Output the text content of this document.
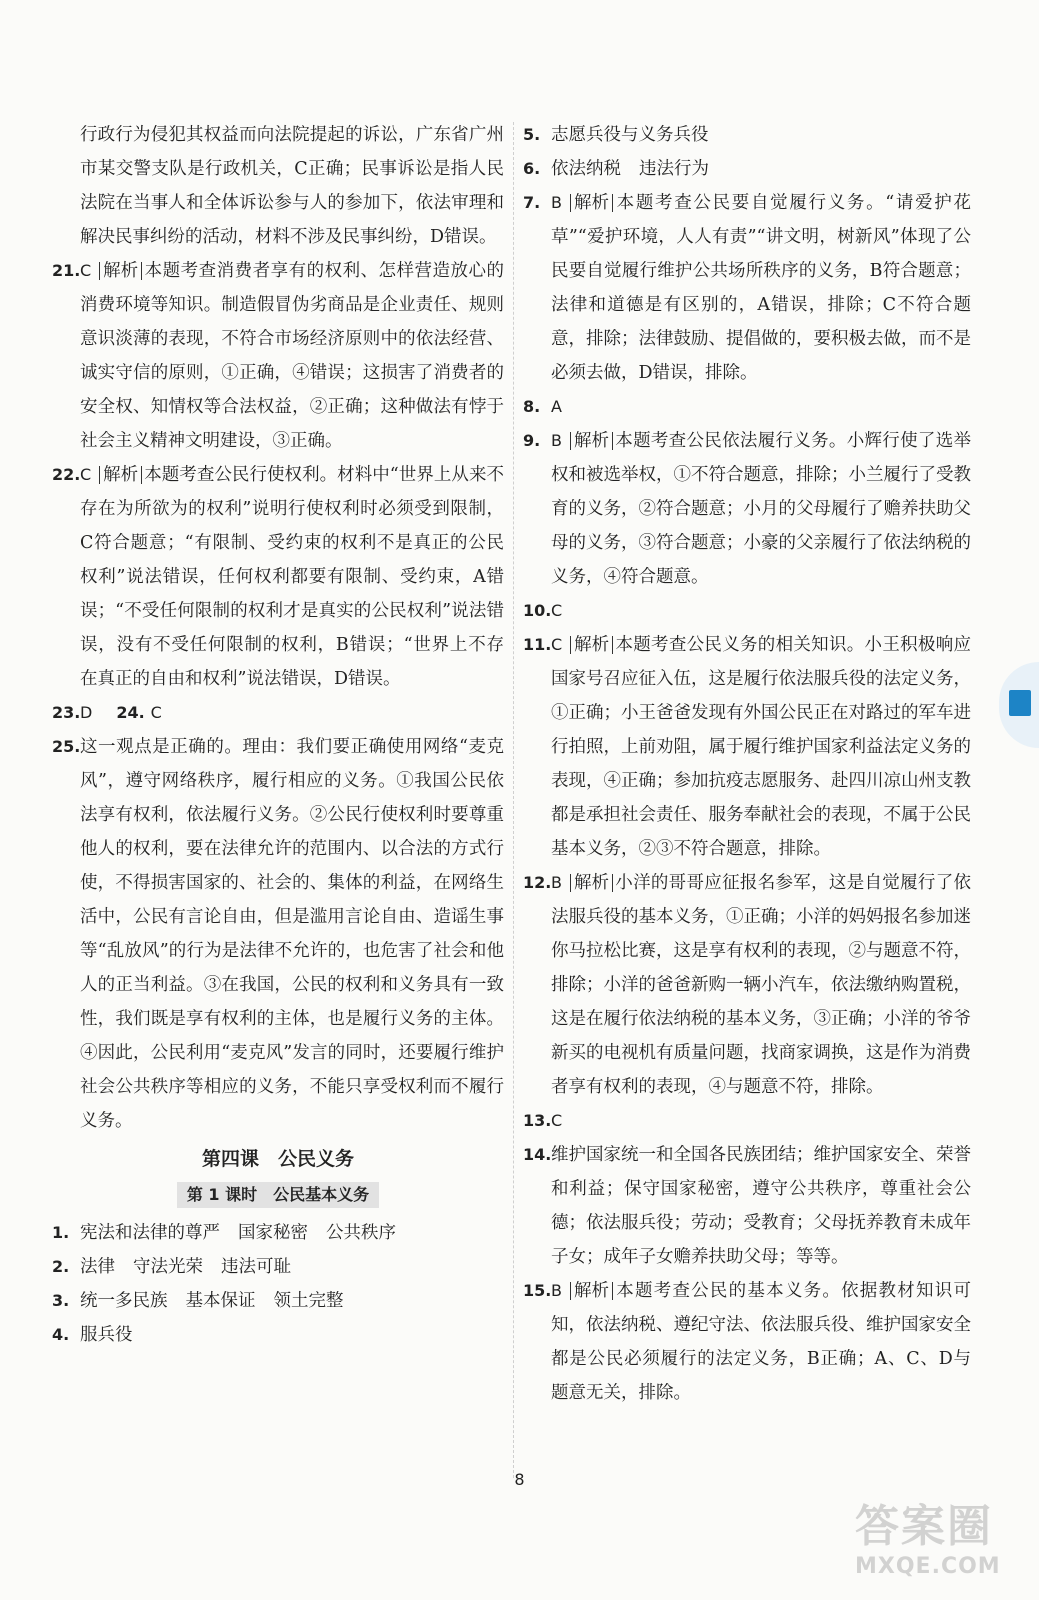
行政行为侵犯其权益而向法院提起的诉讼，广东省广州市某交警支队是行政机关，C正确；民事诉讼是指人民法院在当事人和全体诉讼参与人的参加下，依法审理和解决民事纠纷的活动，材料不涉及民事纠纷，D错误。
21. C 解析 本题考查消费者享有的权利、怎样营造放心的消费环境等知识。制造假冒伪劣商品是企业责任、规则意识淡薄的表现，不符合市场经济原则中的依法经营、诚实守信的原则，①正确，④错误；这损害了消费者的安全权、知情权等合法权益，②正确；这种做法有悖于社会主义精神文明建设，③正确。
22. C 解析 本题考查公民行使权利。材料中“世界上从来不存在为所欲为的权利”说明行使权利时必须受到限制，C符合题意；“有限制、受约束的权利不是真正的公民权利”说法错误，任何权利都要有限制、受约束，A错误；“不受任何限制的权利才是真实的公民权利”说法错误，没有不受任何限制的权利，B错误；“世界上不存在真正的自由和权利”说法错误，D错误。
23. D 24. C
25. 这一观点是正确的。理由：我们要正确使用网络“麦克风”，遵守网络秩序，履行相应的义务。①我国公民依法享有权利，依法履行义务。②公民行使权利时要尊重他人的权利，要在法律允许的范围内、以合法的方式行使，不得损害国家的、社会的、集体的利益，在网络生活中，公民有言论自由，但是滥用言论自由、造谣生事等“乱放风”的行为是法律不允许的，也危害了社会和他人的正当利益。③在我国，公民的权利和义务具有一致性，我们既是享有权利的主体，也是履行义务的主体。④因此，公民利用“麦克风”发言的同时，还要履行维护社会公共秩序等相应的义务，不能只享受权利而不履行义务。
第四课　公民义务
第 1 课时　公民基本义务
1. 宪法和法律的尊严 国家秘密 公共秩序
2. 法律 守法光荣 违法可耻
3. 统一多民族 基本保证 领土完整
4. 服兵役
5. 志愿兵役与义务兵役
6. 依法纳税 违法行为
7. B 解析 本题考查公民要自觉履行义务。“请爱护花草”“爱护环境，人人有责”“讲文明，树新风”体现了公民要自觉履行维护公共场所秩序的义务，B符合题意；法律和道德是有区别的，A错误，排除；C不符合题意，排除；法律鼓励、提倡做的，要积极去做，而不是必须去做，D错误，排除。
8. A
9. B 解析 本题考查公民依法履行义务。小辉行使了选举权和被选举权，①不符合题意，排除；小兰履行了受教育的义务，②符合题意；小月的父母履行了赡养扶助父母的义务，③符合题意；小豪的父亲履行了依法纳税的义务，④符合题意。
10. C
11. C 解析 本题考查公民义务的相关知识。小王积极响应国家号召应征入伍，这是履行依法服兵役的法定义务，①正确；小王爸爸发现有外国公民正在对路过的军车进行拍照，上前劝阻，属于履行维护国家利益法定义务的表现，④正确；参加抗疫志愿服务、赴四川凉山州支教都是承担社会责任、服务奉献社会的表现，不属于公民基本义务，②③不符合题意，排除。
12. B 解析 小洋的哥哥应征报名参军，这是自觉履行了依法服兵役的基本义务，①正确；小洋的妈妈报名参加迷你马拉松比赛，这是享有权利的表现，②与题意不符，排除；小洋的爸爸新购一辆小汽车，依法缴纳购置税，这是在履行依法纳税的基本义务，③正确；小洋的爷爷新买的电视机有质量问题，找商家调换，这是作为消费者享有权利的表现，④与题意不符，排除。
13. C
14. 维护国家统一和全国各民族团结；维护国家安全、荣誉和利益；保守国家秘密，遵守公共秩序，尊重社会公德；依法服兵役；劳动；受教育；父母抚养教育未成年子女；成年子女赡养扶助父母；等等。
15. B 解析 本题考查公民的基本义务。依据教材知识可知，依法纳税、遵纪守法、依法服兵役、维护国家安全都是公民必须履行的法定义务，B正确；A、C、D与题意无关，排除。
8
答案圈
MXQE.COM
